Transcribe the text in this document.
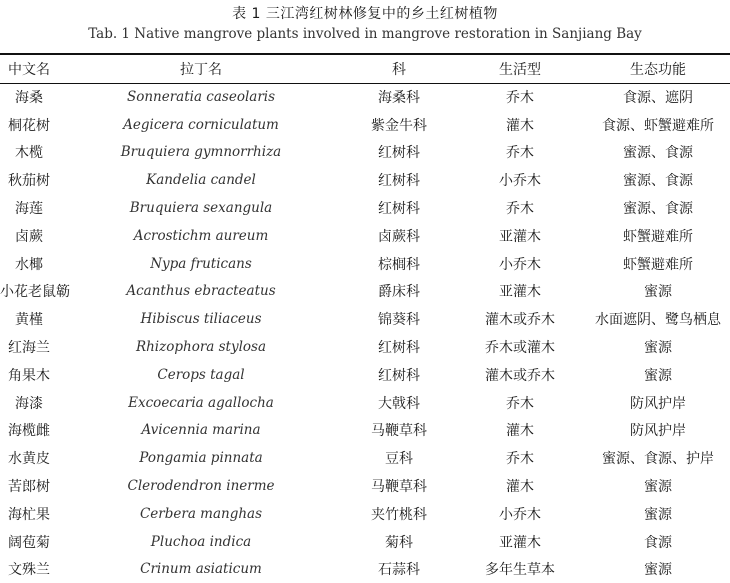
表 1 三江湾红树林修复中的乡土红树植物
Tab. 1 Native mangrove plants involved in mangrove restoration in Sanjiang Bay
中文名	拉丁名	科	生活型	生态功能
海桑	Sonneratia caseolaris	海桑科	乔木	食源、遮阴
桐花树	Aegicera corniculatum	紫金牛科	灌木	食源、虾蟹避难所
木榄	Bruquiera gymnorrhiza	红树科	乔木	蜜源、食源
秋茄树	Kandelia candel	红树科	小乔木	蜜源、食源
海莲	Bruquiera sexangula	红树科	乔木	蜜源、食源
卤蕨	Acrostichm aureum	卤蕨科	亚灌木	虾蟹避难所
水椰	Nypa fruticans	棕榈科	小乔木	虾蟹避难所
小花老鼠簕	Acanthus ebracteatus	爵床科	亚灌木	蜜源
黄槿	Hibiscus tiliaceus	锦葵科	灌木或乔木	水面遮阴、鹭鸟栖息
红海兰	Rhizophora stylosa	红树科	乔木或灌木	蜜源
角果木	Cerops tagal	红树科	灌木或乔木	蜜源
海漆	Excoecaria agallocha	大戟科	乔木	防风护岸
海榄雌	Avicennia marina	马鞭草科	灌木	防风护岸
水黄皮	Pongamia pinnata	豆科	乔木	蜜源、食源、护岸
苦郎树	Clerodendron inerme	马鞭草科	灌木	蜜源
海杧果	Cerbera manghas	夹竹桃科	小乔木	蜜源
阔苞菊	Pluchoa indica	菊科	亚灌木	食源
文殊兰	Crinum asiaticum	石蒜科	多年生草本	蜜源
